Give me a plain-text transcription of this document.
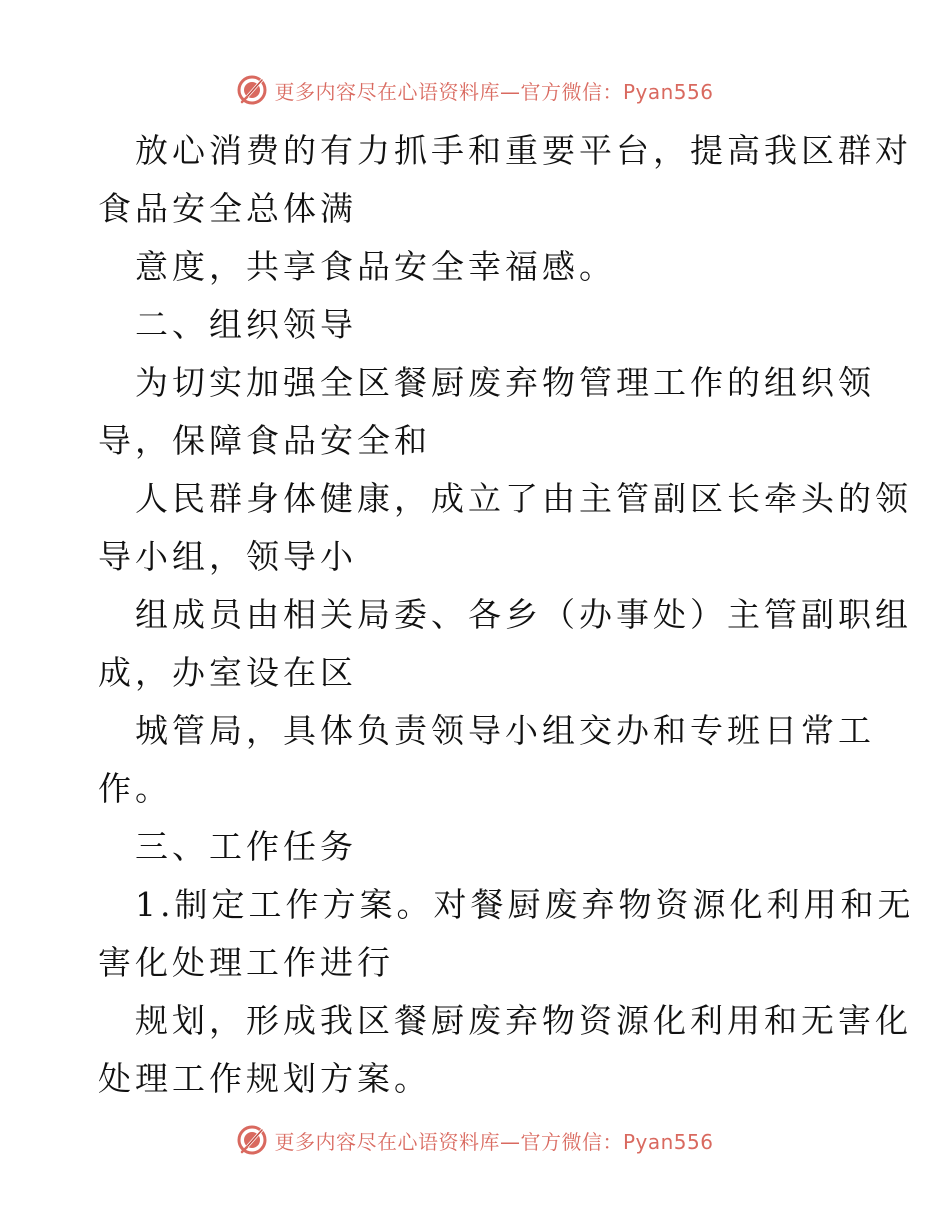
更多内容尽在心语资料库—官方微信：Pyan556
放心消费的有力抓手和重要平台，提高我区群对
食品安全总体满
意度，共享食品安全幸福感。
二、组织领导
为切实加强全区餐厨废弃物管理工作的组织领
导，保障食品安全和
人民群身体健康，成立了由主管副区长牵头的领
导小组，领导小
组成员由相关局委、各乡（办事处）主管副职组
成，办室设在区
城管局，具体负责领导小组交办和专班日常工
作。
三、工作任务
1.制定工作方案。对餐厨废弃物资源化利用和无
害化处理工作进行
规划，形成我区餐厨废弃物资源化利用和无害化
处理工作规划方案。
更多内容尽在心语资料库—官方微信：Pyan556
